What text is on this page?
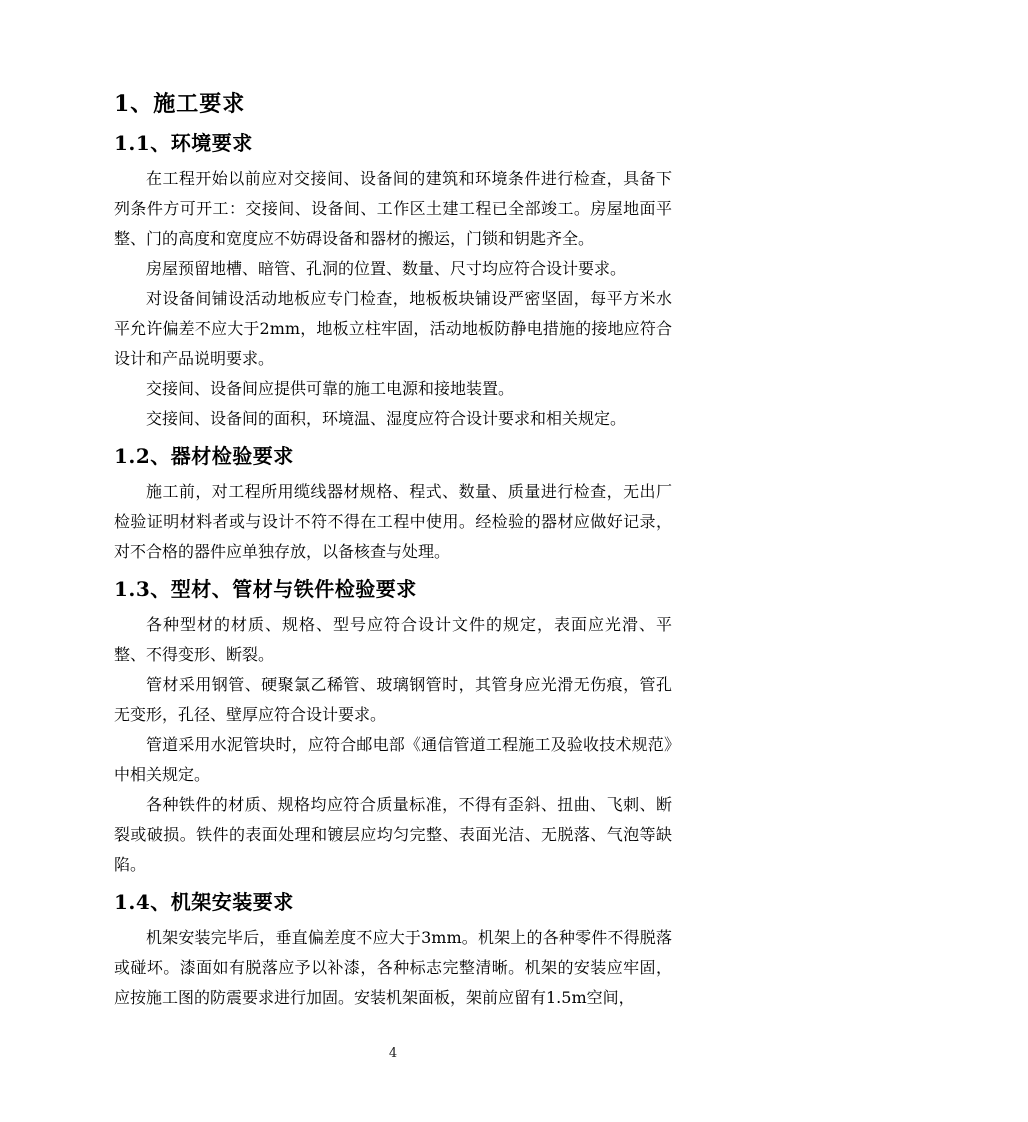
1、施工要求
1.1、环境要求

在工程开始以前应对交接间、设备间的建筑和环境条件进行检查，具备下列条件方可开工：交接间、设备间、工作区土建工程已全部竣工。房屋地面平整、门的高度和宽度应不妨碍设备和器材的搬运，门锁和钥匙齐全。

房屋预留地槽、暗管、孔洞的位置、数量、尺寸均应符合设计要求。

对设备间铺设活动地板应专门检查，地板板块铺设严密坚固，每平方米水平允许偏差不应大于2mm，地板立柱牢固，活动地板防静电措施的接地应符合设计和产品说明要求。

交接间、设备间应提供可靠的施工电源和接地装置。

交接间、设备间的面积，环境温、湿度应符合设计要求和相关规定。

1.2、器材检验要求

施工前，对工程所用缆线器材规格、程式、数量、质量进行检查，无出厂检验证明材料者或与设计不符不得在工程中使用。经检验的器材应做好记录，对不合格的器件应单独存放，以备核查与处理。

1.3、型材、管材与铁件检验要求

各种型材的材质、规格、型号应符合设计文件的规定，表面应光滑、平整、不得变形、断裂。

管材采用钢管、硬聚氯乙稀管、玻璃钢管时，其管身应光滑无伤痕，管孔无变形，孔径、壁厚应符合设计要求。

管道采用水泥管块时，应符合邮电部《通信管道工程施工及验收技术规范》中相关规定。

各种铁件的材质、规格均应符合质量标准，不得有歪斜、扭曲、飞刺、断裂或破损。铁件的表面处理和镀层应均匀完整、表面光洁、无脱落、气泡等缺陷。

1.4、机架安装要求

机架安装完毕后，垂直偏差度不应大于3mm。机架上的各种零件不得脱落或碰坏。漆面如有脱落应予以补漆，各种标志完整清晰。机架的安装应牢固，应按施工图的防震要求进行加固。安装机架面板，架前应留有1.5m空间，

4
